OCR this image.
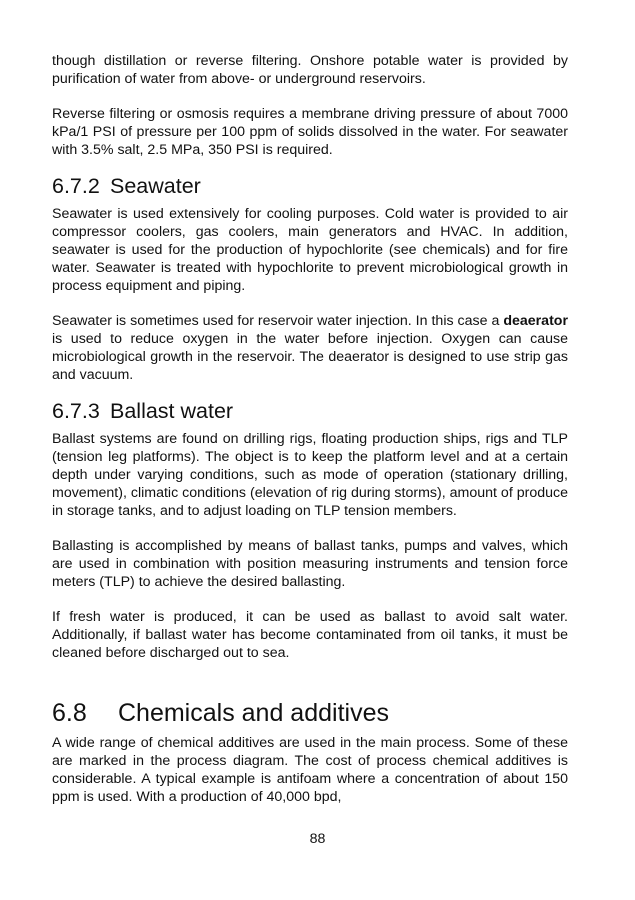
though distillation or reverse filtering. Onshore potable water is provided by purification of water from above- or underground reservoirs.

Reverse filtering or osmosis requires a membrane driving pressure of about 7000 kPa/1 PSI of pressure per 100 ppm of solids dissolved in the water. For seawater with 3.5% salt, 2.5 MPa, 350 PSI is required.

6.7.2 Seawater

Seawater is used extensively for cooling purposes. Cold water is provided to air compressor coolers, gas coolers, main generators and HVAC. In addition, seawater is used for the production of hypochlorite (see chemicals) and for fire water. Seawater is treated with hypochlorite to prevent microbiological growth in process equipment and piping.

Seawater is sometimes used for reservoir water injection. In this case a deaerator is used to reduce oxygen in the water before injection. Oxygen can cause microbiological growth in the reservoir. The deaerator is designed to use strip gas and vacuum.

6.7.3 Ballast water

Ballast systems are found on drilling rigs, floating production ships, rigs and TLP (tension leg platforms). The object is to keep the platform level and at a certain depth under varying conditions, such as mode of operation (stationary drilling, movement), climatic conditions (elevation of rig during storms), amount of produce in storage tanks, and to adjust loading on TLP tension members.

Ballasting is accomplished by means of ballast tanks, pumps and valves, which are used in combination with position measuring instruments and tension force meters (TLP) to achieve the desired ballasting.

If fresh water is produced, it can be used as ballast to avoid salt water. Additionally, if ballast water has become contaminated from oil tanks, it must be cleaned before discharged out to sea.

6.8 Chemicals and additives

A wide range of chemical additives are used in the main process. Some of these are marked in the process diagram. The cost of process chemical additives is considerable. A typical example is antifoam where a concentration of about 150 ppm is used. With a production of 40,000 bpd,

88
